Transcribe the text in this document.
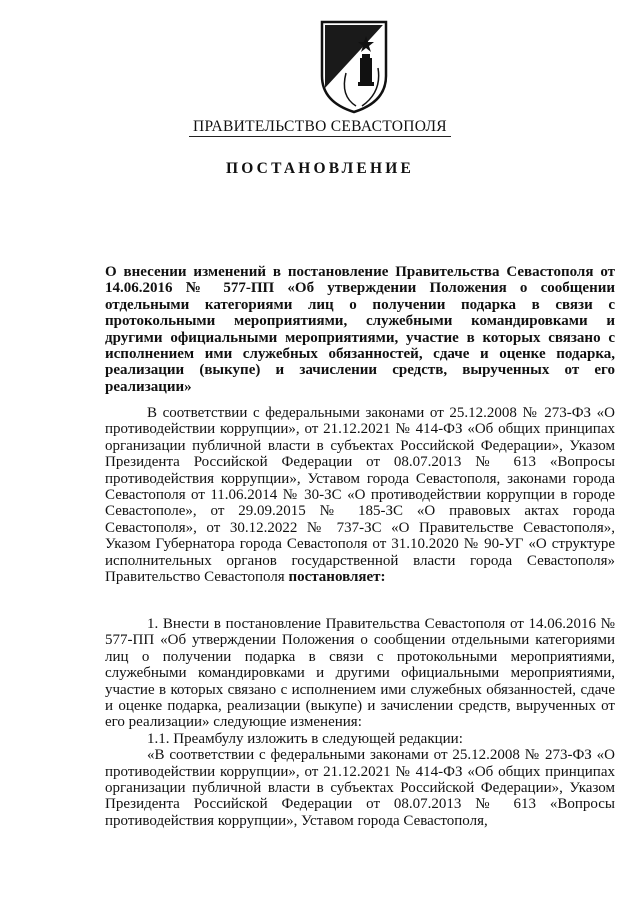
ПРАВИТЕЛЬСТВО СЕВАСТОПОЛЯ
ПОСТАНОВЛЕНИЕ

О внесении изменений в постановление Правительства Севастополя от 14.06.2016 № 577-ПП «Об утверждении Положения о сообщении отдельными категориями лиц о получении подарка в связи с протокольными мероприятиями, служебными командировками и другими официальными мероприятиями, участие в которых связано с исполнением ими служебных обязанностей, сдаче и оценке подарка, реализации (выкупе) и зачислении средств, вырученных от его реализации»

В соответствии с федеральными законами от 25.12.2008 № 273-ФЗ «О противодействии коррупции», от 21.12.2021 № 414-ФЗ «Об общих принципах организации публичной власти в субъектах Российской Федерации», Указом Президента Российской Федерации от 08.07.2013 № 613 «Вопросы противодействия коррупции», Уставом города Севастополя, законами города Севастополя от 11.06.2014 № 30-ЗС «О противодействии коррупции в городе Севастополе», от 29.09.2015 № 185-ЗС «О правовых актах города Севастополя», от 30.12.2022 № 737-ЗС «О Правительстве Севастополя», Указом Губернатора города Севастополя от 31.10.2020 № 90-УГ «О структуре исполнительных органов государственной власти города Севастополя» Правительство Севастополя постановляет:

1. Внести в постановление Правительства Севастополя от 14.06.2016 № 577-ПП «Об утверждении Положения о сообщении отдельными категориями лиц о получении подарка в связи с протокольными мероприятиями, служебными командировками и другими официальными мероприятиями, участие в которых связано с исполнением ими служебных обязанностей, сдаче и оценке подарка, реализации (выкупе) и зачислении средств, вырученных от его реализации» следующие изменения:

1.1. Преамбулу изложить в следующей редакции:

«В соответствии с федеральными законами от 25.12.2008 № 273-ФЗ «О противодействии коррупции», от 21.12.2021 № 414-ФЗ «Об общих принципах организации публичной власти в субъектах Российской Федерации», Указом Президента Российской Федерации от 08.07.2013 № 613 «Вопросы противодействия коррупции», Уставом города Севастополя,
